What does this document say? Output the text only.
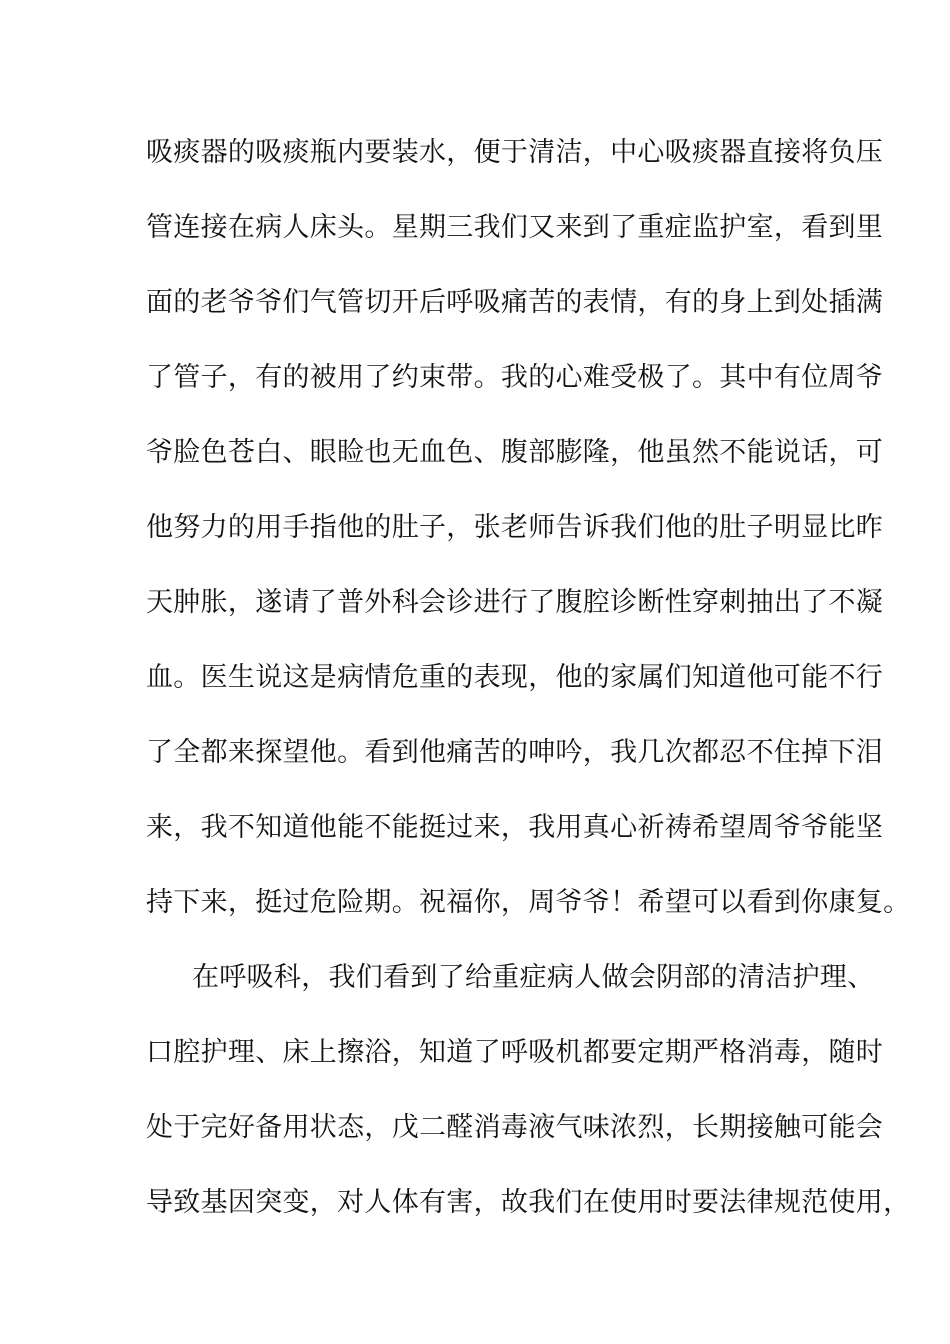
吸痰器的吸痰瓶内要装水，便于清洁，中心吸痰器直接将负压
管连接在病人床头。星期三我们又来到了重症监护室，看到里
面的老爷爷们气管切开后呼吸痛苦的表情，有的身上到处插满
了管子，有的被用了约束带。我的心难受极了。其中有位周爷
爷脸色苍白、眼睑也无血色、腹部膨隆，他虽然不能说话，可
他努力的用手指他的肚子，张老师告诉我们他的肚子明显比昨
天肿胀，遂请了普外科会诊进行了腹腔诊断性穿刺抽出了不凝
血。医生说这是病情危重的表现，他的家属们知道他可能不行
了全都来探望他。看到他痛苦的呻吟，我几次都忍不住掉下泪
来，我不知道他能不能挺过来，我用真心祈祷希望周爷爷能坚
持下来，挺过危险期。祝福你，周爷爷！希望可以看到你康复。
在呼吸科，我们看到了给重症病人做会阴部的清洁护理、
口腔护理、床上擦浴，知道了呼吸机都要定期严格消毒，随时
处于完好备用状态，戊二醛消毒液气味浓烈，长期接触可能会
导致基因突变，对人体有害，故我们在使用时要法律规范使用，
